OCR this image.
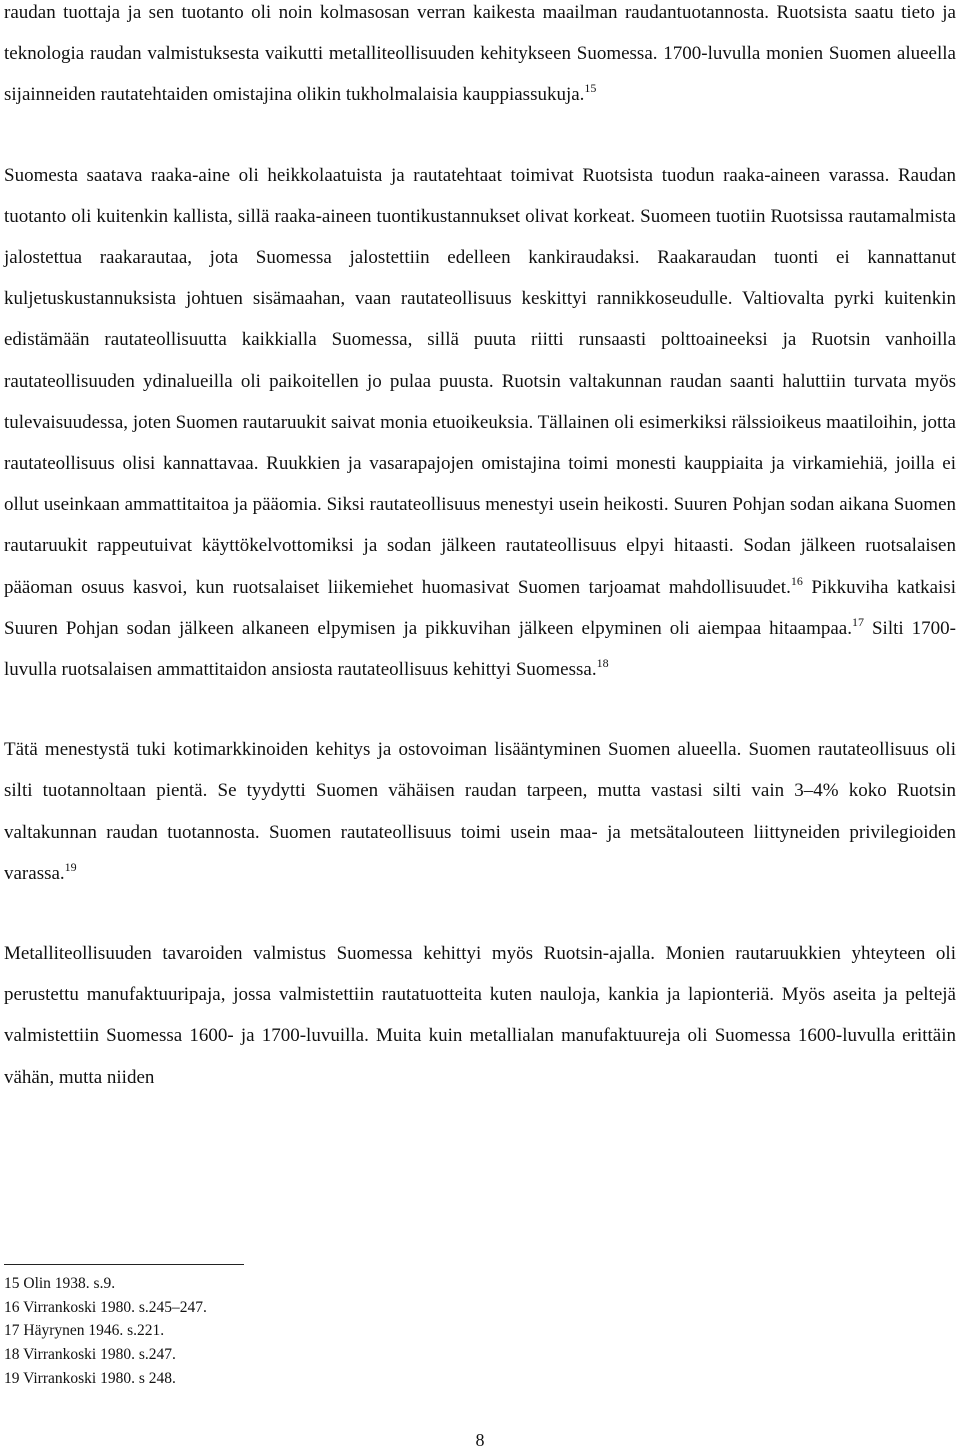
raudan tuottaja ja sen tuotanto oli noin kolmasosan verran kaikesta maailman raudantuotannosta. Ruotsista saatu tieto ja teknologia raudan valmistuksesta vaikutti metalliteollisuuden kehitykseen Suomessa. 1700-luvulla monien Suomen alueella sijainneiden rautatehtaiden omistajina olikin tukholmalaisia kauppiassukuja.$^{15}$

Suomesta saatava raaka-aine oli heikkolaatuista ja rautatehtaat toimivat Ruotsista tuodun raaka-aineen varassa. Raudan tuotanto oli kuitenkin kallista, sillä raaka-aineen tuontikustannukset olivat korkeat. Suomeen tuotiin Ruotsissa rautamalmista jalostettua raakarautaa, jota Suomessa jalostettiin edelleen kankiraudaksi. Raakaraudan tuonti ei kannattanut kuljetuskustannuksista johtuen sisämaahan, vaan rautateollisuus keskittyi rannikkoseudulle. Valtiovalta pyrki kuitenkin edistämään rautateollisuutta kaikkialla Suomessa, sillä puuta riitti runsaasti polttoaineeksi ja Ruotsin vanhoilla rautateollisuuden ydinalueilla oli paikoitellen jo pulaa puusta. Ruotsin valtakunnan raudan saanti haluttiin turvata myös tulevaisuudessa, joten Suomen rautaruukit saivat monia etuoikeuksia. Tällainen oli esimerkiksi rälssioikeus maatiloihin, jotta rautateollisuus olisi kannattavaa. Ruukkien ja vasarapajojen omistajina toimi monesti kauppiaita ja virkamiehiä, joilla ei ollut useinkaan ammattitaitoa ja pääomia. Siksi rautateollisuus menestyi usein heikosti. Suuren Pohjan sodan aikana Suomen rautaruukit rappeutuivat käyttökelvottomiksi ja sodan jälkeen rautateollisuus elpyi hitaasti. Sodan jälkeen ruotsalaisen pääoman osuus kasvoi, kun ruotsalaiset liikemiehet huomasivat Suomen tarjoamat mahdollisuudet.$^{16}$ Pikkuviha katkaisi Suuren Pohjan sodan jälkeen alkaneen elpymisen ja pikkuvihan jälkeen elpyminen oli aiempaa hitaampaa.$^{17}$ Silti 1700-luvulla ruotsalaisen ammattitaidon ansiosta rautateollisuus kehittyi Suomessa.$^{18}$

Tätä menestystä tuki kotimarkkinoiden kehitys ja ostovoiman lisääntyminen Suomen alueella. Suomen rautateollisuus oli silti tuotannoltaan pientä. Se tyydytti Suomen vähäisen raudan tarpeen, mutta vastasi silti vain 3–4% koko Ruotsin valtakunnan raudan tuotannosta. Suomen rautateollisuus toimi usein maa- ja metsätalouteen liittyneiden privilegioiden varassa.$^{19}$

Metalliteollisuuden tavaroiden valmistus Suomessa kehittyi myös Ruotsin-ajalla. Monien rautaruukkien yhteyteen oli perustettu manufaktuuripaja, jossa valmistettiin rautatuotteita kuten nauloja, kankia ja lapionteriä. Myös aseita ja peltejä valmistettiin Suomessa 1600- ja 1700-luvuilla. Muita kuin metallialan manufaktuureja oli Suomessa 1600-luvulla erittäin vähän, mutta niiden

15 Olin 1938. s.9.
16 Virrankoski 1980. s.245–247.
17 Häyrynen 1946. s.221.
18 Virrankoski 1980. s.247.
19 Virrankoski 1980. s 248.
8
